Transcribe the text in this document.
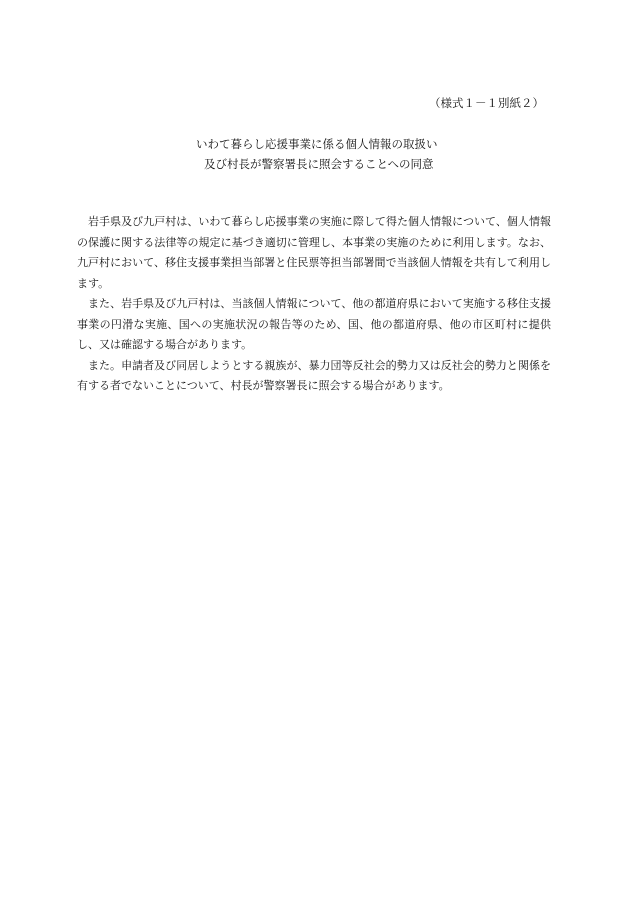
（様式１－１別紙２）
いわて暮らし応援事業に係る個人情報の取扱い
及び村長が警察署長に照会することへの同意

岩手県及び九戸村は、いわて暮らし応援事業の実施に際して得た個人情報について、個人情報の保護に関する法律等の規定に基づき適切に管理し、本事業の実施のために利用します。なお、九戸村において、移住支援事業担当部署と住民票等担当部署間で当該個人情報を共有して利用します。

また、岩手県及び九戸村は、当該個人情報について、他の都道府県において実施する移住支援事業の円滑な実施、国への実施状況の報告等のため、国、他の都道府県、他の市区町村に提供し、又は確認する場合があります。

また。申請者及び同居しようとする親族が、暴力団等反社会的勢力又は反社会的勢力と関係を有する者でないことについて、村長が警察署長に照会する場合があります。
